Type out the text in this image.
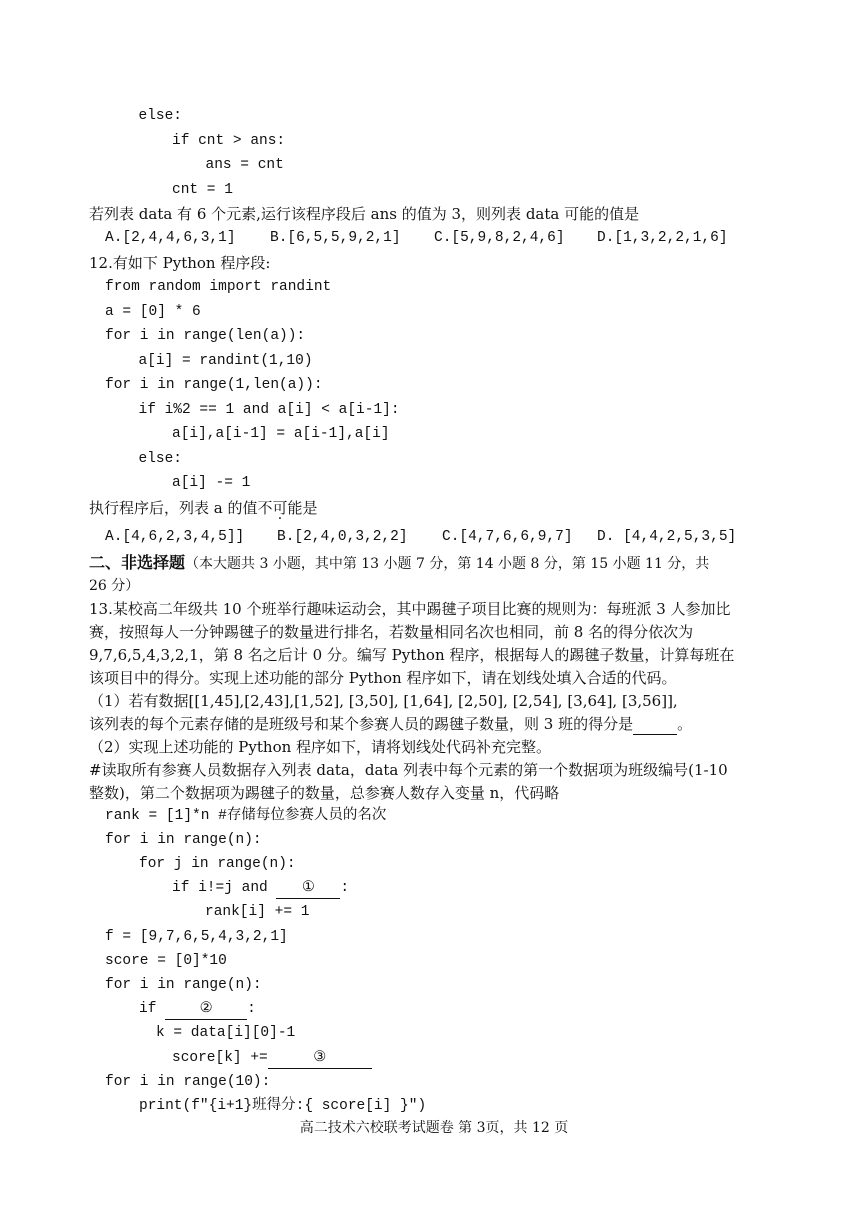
else:
if cnt > ans:
ans = cnt
cnt = 1
若列表 data 有 6 个元素,运行该程序段后 ans 的值为 3，则列表 data 可能的值是
A.[2,4,4,6,3,1] B.[6,5,5,9,2,1] C.[5,9,8,2,4,6] D.[1,3,2,2,1,6]
12.有如下 Python 程序段:
from random import randint
a = [0] * 6
for i in range(len(a)):
a[i] = randint(1,10)
for i in range(1,len(a)):
if i%2 == 1 and a[i] < a[i-1]:
a[i],a[i-1] = a[i-1],a[i]
else:
a[i] -= 1
执行程序后，列表 a 的值不可能是
A.[4,6,2,3,4,5]] B.[2,4,0,3,2,2] C.[4,7,6,6,9,7] D. [4,4,2,5,3,5]
二、非选择题（本大题共 3 小题，其中第 13 小题 7 分，第 14 小题 8 分，第 15 小题 11 分，共
26 分）
13.某校高二年级共 10 个班举行趣味运动会，其中踢毽子项目比赛的规则为：每班派 3 人参加比
赛，按照每人一分钟踢毽子的数量进行排名，若数量相同名次也相同，前 8 名的得分依次为
9,7,6,5,4,3,2,1，第 8 名之后计 0 分。编写 Python 程序，根据每人的踢毽子数量，计算每班在
该项目中的得分。实现上述功能的部分 Python 程序如下，请在划线处填入合适的代码。
（1）若有数据[[1,45],[2,43],[1,52], [3,50], [1,64], [2,50], [2,54], [3,64], [3,56]],
该列表的每个元素存储的是班级号和某个参赛人员的踢毽子数量，则 3 班的得分是	。
（2）实现上述功能的 Python 程序如下，请将划线处代码补充完整。
#读取所有参赛人员数据存入列表 data，data 列表中每个元素的第一个数据项为班级编号(1-10
整数)，第二个数据项为踢毽子的数量，总参赛人数存入变量 n，代码略
rank = [1]*n #存储每位参赛人员的名次
for i in range(n):
for j in range(n):
if i!=j and ① :
rank[i] += 1
f = [9,7,6,5,4,3,2,1]
score = [0]*10
for i in range(n):
if ② :
k = data[i][0]-1
score[k] +=	③
for i in range(10):
print(f"{i+1}班得分:{ score[i] }")
高二技术六校联考试题卷 第 3页，共 12 页
